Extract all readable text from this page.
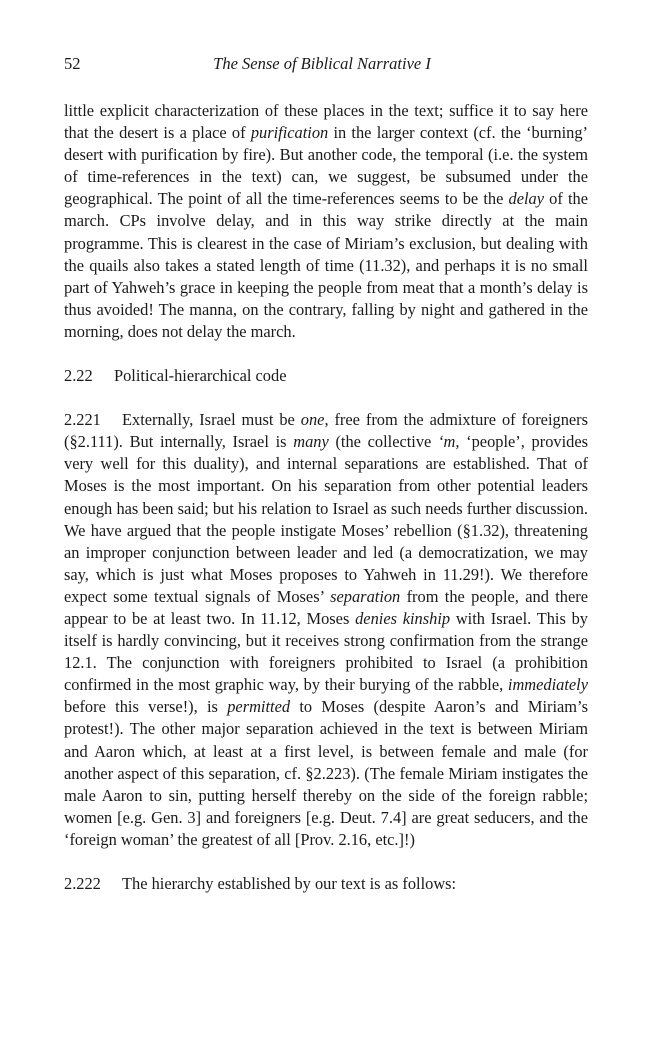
52	The Sense of Biblical Narrative I

little explicit characterization of these places in the text; suffice it to say here that the desert is a place of purification in the larger context (cf. the ‘burning’ desert with purification by fire). But another code, the temporal (i.e. the system of time-references in the text) can, we suggest, be subsumed under the geographical. The point of all the time-references seems to be the delay of the march. CPs involve delay, and in this way strike directly at the main programme. This is clearest in the case of Miriam’s exclusion, but dealing with the quails also takes a stated length of time (11.32), and perhaps it is no small part of Yahweh’s grace in keeping the people from meat that a month’s delay is thus avoided! The manna, on the contrary, falling by night and gathered in the morning, does not delay the march.

2.22 Political-hierarchical code

2.221 Externally, Israel must be one, free from the admixture of foreigners (§2.111). But internally, Israel is many (the collective ‘m, ‘people’, provides very well for this duality), and internal separations are established. That of Moses is the most important. On his separation from other potential leaders enough has been said; but his relation to Israel as such needs further discussion. We have argued that the people instigate Moses’ rebellion (§1.32), threatening an improper conjunction between leader and led (a democratization, we may say, which is just what Moses proposes to Yahweh in 11.29!). We therefore expect some textual signals of Moses’ separation from the people, and there appear to be at least two. In 11.12, Moses denies kinship with Israel. This by itself is hardly convincing, but it receives strong confirmation from the strange 12.1. The conjunction with foreigners prohibited to Israel (a prohibition confirmed in the most graphic way, by their burying of the rabble, immediately before this verse!), is permitted to Moses (despite Aaron’s and Miriam’s protest!). The other major separation achieved in the text is between Miriam and Aaron which, at least at a first level, is between female and male (for another aspect of this separation, cf. §2.223). (The female Miriam instigates the male Aaron to sin, putting herself thereby on the side of the foreign rabble; women [e.g. Gen. 3] and foreigners [e.g. Deut. 7.4] are great seducers, and the ‘foreign woman’ the greatest of all [Prov. 2.16, etc.]!)

2.222 The hierarchy established by our text is as follows:
